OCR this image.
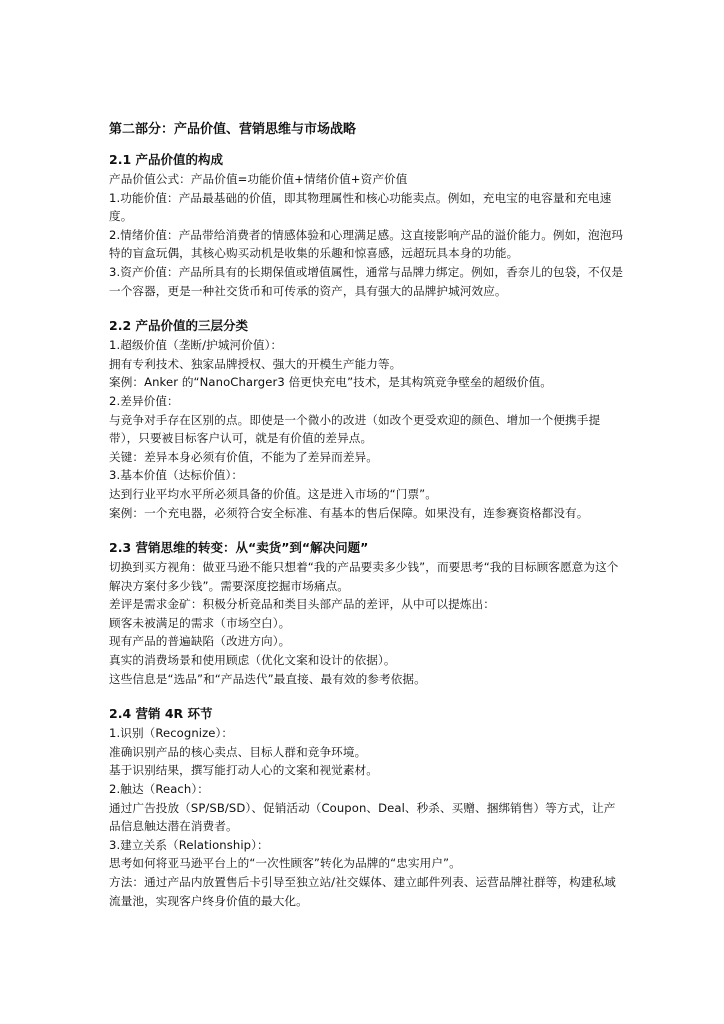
第二部分：产品价值、营销思维与市场战略
2.1 产品价值的构成

产品价值公式：产品价值=功能价值+情绪价值+资产价值

1.功能价值：产品最基础的价值，即其物理属性和核心功能卖点。例如，充电宝的电容量和充电速度。

2.情绪价值：产品带给消费者的情感体验和心理满足感。这直接影响产品的溢价能力。例如，泡泡玛特的盲盒玩偶，其核心购买动机是收集的乐趣和惊喜感，远超玩具本身的功能。

3.资产价值：产品所具有的长期保值或增值属性，通常与品牌力绑定。例如，香奈儿的包袋，不仅是一个容器，更是一种社交货币和可传承的资产，具有强大的品牌护城河效应。

2.2 产品价值的三层分类

1.超级价值（垄断/护城河价值）：

拥有专利技术、独家品牌授权、强大的开模生产能力等。

案例：Anker 的“NanoCharger3 倍更快充电”技术，是其构筑竞争壁垒的超级价值。

2.差异价值：

与竞争对手存在区别的点。即使是一个微小的改进（如改个更受欢迎的颜色、增加一个便携手提带），只要被目标客户认可，就是有价值的差异点。

关键：差异本身必须有价值，不能为了差异而差异。

3.基本价值（达标价值）：

达到行业平均水平所必须具备的价值。这是进入市场的“门票”。

案例：一个充电器，必须符合安全标准、有基本的售后保障。如果没有，连参赛资格都没有。

2.3 营销思维的转变：从“卖货”到“解决问题”

切换到买方视角：做亚马逊不能只想着“我的产品要卖多少钱”，而要思考“我的目标顾客愿意为这个解决方案付多少钱”。需要深度挖掘市场痛点。

差评是需求金矿：积极分析竞品和类目头部产品的差评，从中可以提炼出：

顾客未被满足的需求（市场空白）。

现有产品的普遍缺陷（改进方向）。

真实的消费场景和使用顾虑（优化文案和设计的依据）。

这些信息是“选品”和“产品迭代”最直接、最有效的参考依据。

2.4 营销 4R 环节

1.识别（Recognize）：

准确识别产品的核心卖点、目标人群和竞争环境。

基于识别结果，撰写能打动人心的文案和视觉素材。

2.触达（Reach）：

通过广告投放（SP/SB/SD）、促销活动（Coupon、Deal、秒杀、买赠、捆绑销售）等方式，让产品信息触达潜在消费者。

3.建立关系（Relationship）：

思考如何将亚马逊平台上的“一次性顾客”转化为品牌的“忠实用户”。

方法：通过产品内放置售后卡引导至独立站/社交媒体、建立邮件列表、运营品牌社群等，构建私域流量池，实现客户终身价值的最大化。
